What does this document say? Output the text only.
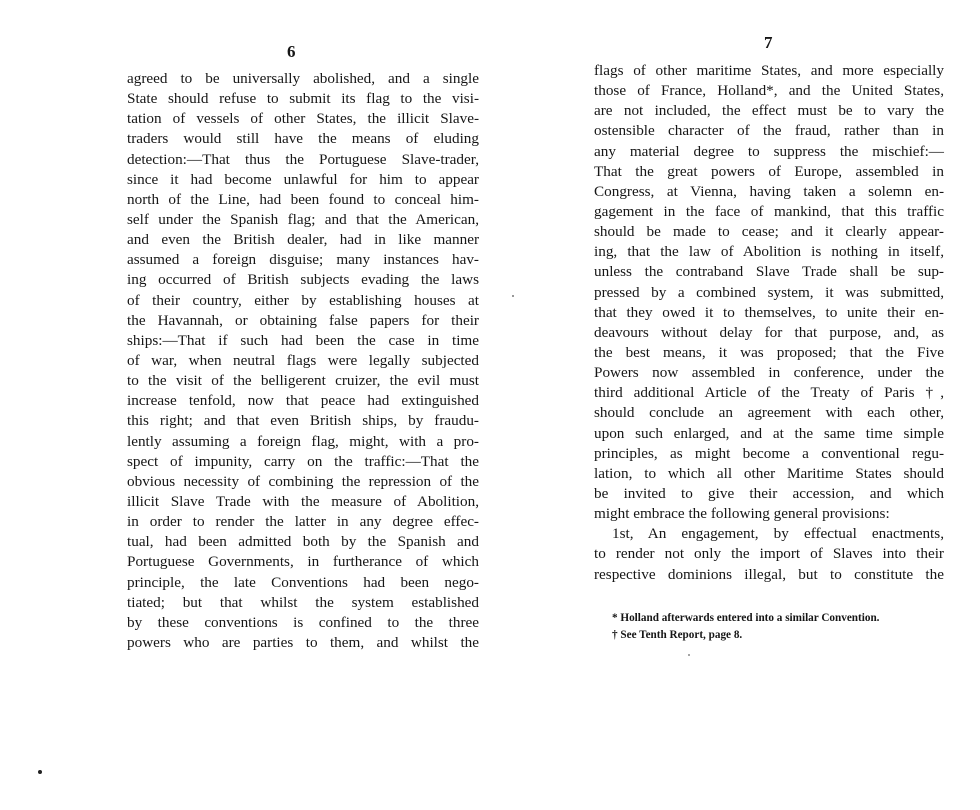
6
agreed to be universally abolished, and a single
State should refuse to submit its flag to the visi-
tation of vessels of other States, the illicit Slave-
traders would still have the means of eluding
detection:—That thus the Portuguese Slave-trader,
since it had become unlawful for him to appear
north of the Line, had been found to conceal him-
self under the Spanish flag; and that the American,
and even the British dealer, had in like manner
assumed a foreign disguise; many instances hav-
ing occurred of British subjects evading the laws
of their country, either by establishing houses at
the Havannah, or obtaining false papers for their
ships:—That if such had been the case in time
of war, when neutral flags were legally subjected
to the visit of the belligerent cruizer, the evil must
increase tenfold, now that peace had extinguished
this right; and that even British ships, by fraudu-
lently assuming a foreign flag, might, with a pro-
spect of impunity, carry on the traffic:—That the
obvious necessity of combining the repression of the
illicit Slave Trade with the measure of Abolition,
in order to render the latter in any degree effec-
tual, had been admitted both by the Spanish and
Portuguese Governments, in furtherance of which
principle, the late Conventions had been nego-
tiated; but that whilst the system established
by these conventions is confined to the three
powers who are parties to them, and whilst the
7
flags of other maritime States, and more especially
those of France, Holland*, and the United States,
are not included, the effect must be to vary the
ostensible character of the fraud, rather than in
any material degree to suppress the mischief:—
That the great powers of Europe, assembled in
Congress, at Vienna, having taken a solemn en-
gagement in the face of mankind, that this traffic
should be made to cease; and it clearly appear-
ing, that the law of Abolition is nothing in itself,
unless the contraband Slave Trade shall be sup-
pressed by a combined system, it was submitted,
that they owed it to themselves, to unite their en-
deavours without delay for that purpose, and, as
the best means, it was proposed; that the Five
Powers now assembled in conference, under the
third additional Article of the Treaty of Paris †,
should conclude an agreement with each other,
upon such enlarged, and at the same time simple
principles, as might become a conventional regu-
lation, to which all other Maritime States should
be invited to give their accession, and which
might embrace the following general provisions:
1st, An engagement, by effectual enactments,
to render not only the import of Slaves into their
respective dominions illegal, but to constitute the
* Holland afterwards entered into a similar Convention.
† See Tenth Report, page 8.
